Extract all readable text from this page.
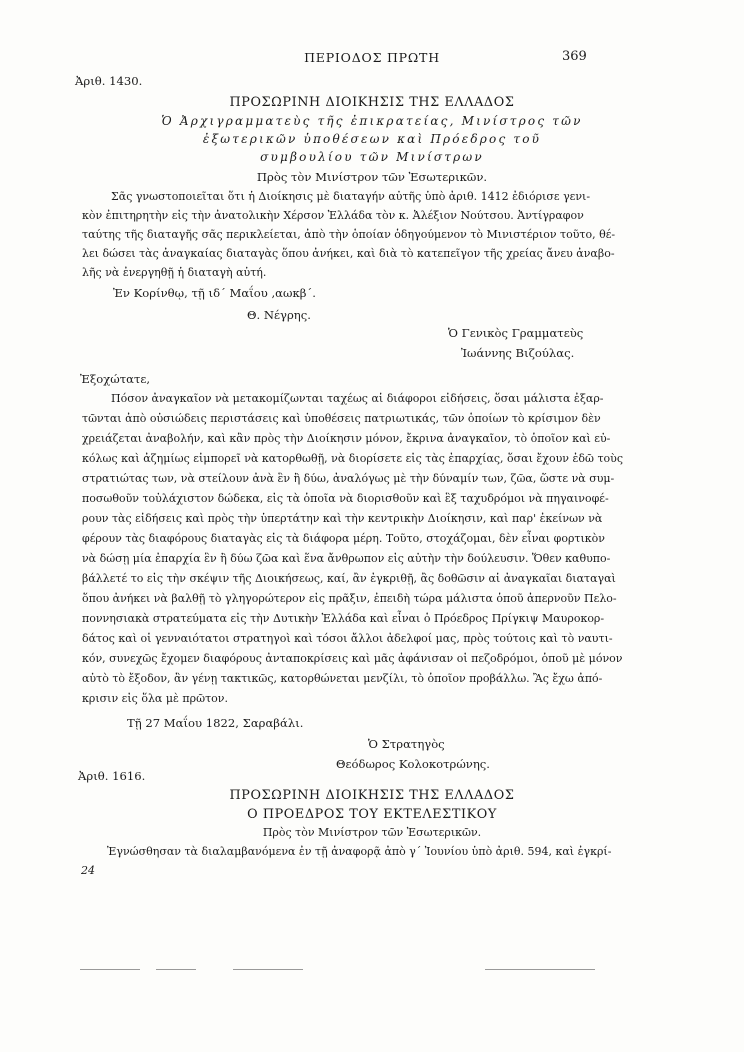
ΠΕΡΙΟΔΟΣ ΠΡΩΤΗ	369
Ἀριθ. 1430.
ΠΡΟΣΩΡΙΝΗ ΔΙΟΙΚΗΣΙΣ ΤΗΣ ΕΛΛΑΔΟΣ
Ὁ Ἀρχιγραμματεὺς τῆς ἐπικρατείας, Μινίστρος τῶν
ἐξωτερικῶν ὑποθέσεων καὶ Πρόεδρος τοῦ
συμβουλίου τῶν Μινίστρων
Πρὸς τὸν Μινίστρον τῶν Ἐσωτερικῶν.
Σᾶς γνωστοποιεῖται ὅτι ἡ Διοίκησις μὲ διαταγήν αὐτῆς ὑπὸ ἀριθ. 1412 ἐδιόρισε γενι-
κὸν ἐπιτηρητὴν εἰς τὴν ἀνατολικὴν Χέρσον Ἑλλάδα τὸν κ. Ἀλέξιον Νούτσου. Ἀντίγραφον
ταύτης τῆς διαταγῆς σᾶς περικλείεται, ἀπὸ τὴν ὁποίαν ὁδηγούμενον τὸ Μινιστέριον τοῦτο, θέ-
λει δώσει τὰς ἀναγκαίας διαταγὰς ὅπου ἀνήκει, καὶ διὰ τὸ κατεπεῖγον τῆς χρείας ἄνευ ἀναβο-
λῆς νὰ ἐνεργηθῇ ἡ διαταγὴ αὐτή.
Ἐν Κορίνθῳ, τῇ ιδ΄ Μαΐου ,αωκβ΄.
Θ. Νέγρης.
Ὁ Γενικὸς Γραμματεὺς
Ἰωάννης Βιζούλας.
Ἐξοχώτατε,
Πόσον ἀναγκαῖον νὰ μετακομίζωνται ταχέως αἱ διάφοροι εἰδήσεις, ὅσαι μάλιστα ἐξαρ-
τῶνται ἀπὸ οὐσιώδεις περιστάσεις καὶ ὑποθέσεις πατριωτικάς, τῶν ὁποίων τὸ κρίσιμον δὲν
χρειάζεται ἀναβολήν, καὶ κἂν πρὸς τὴν Διοίκησιν μόνον, ἔκρινα ἀναγκαῖον, τὸ ὁποῖον καὶ εὐ-
κόλως καὶ ἀζημίως εἰμπορεῖ νὰ κατορθωθῇ, νὰ διορίσετε εἰς τὰς ἐπαρχίας, ὅσαι ἔχουν ἐδῶ τοὺς
στρατιώτας των, νὰ στείλουν ἀνὰ ἓν ἢ δύω, ἀναλόγως μὲ τὴν δύναμίν των, ζῶα, ὥστε νὰ συμ-
ποσωθοῦν τοὐλάχιστον δώδεκα, εἰς τὰ ὁποῖα νὰ διορισθοῦν καὶ ἓξ ταχυδρόμοι νὰ πηγαινοφέ-
ρουν τὰς εἰδήσεις καὶ πρὸς τὴν ὑπερτάτην καὶ τὴν κεντρικὴν Διοίκησιν, καὶ παρ' ἐκείνων νὰ
φέρουν τὰς διαφόρους διαταγὰς εἰς τὰ διάφορα μέρη. Τοῦτο, στοχάζομαι, δὲν εἶναι φορτικὸν
νὰ δώσῃ μία ἐπαρχία ἓν ἢ δύω ζῶα καὶ ἕνα ἄνθρωπον εἰς αὐτὴν τὴν δούλευσιν. Ὅθεν καθυπο-
βάλλετέ το εἰς τὴν σκέψιν τῆς Διοικήσεως, καί, ἂν ἐγκριθῇ, ἂς δοθῶσιν αἱ ἀναγκαῖαι διαταγαὶ
ὅπου ἀνήκει νὰ βαλθῇ τὸ γληγορώτερον εἰς πρᾶξιν, ἐπειδὴ τώρα μάλιστα ὁποῦ ἀπερνοῦν Πελο-
ποννησιακὰ στρατεύματα εἰς τὴν Δυτικὴν Ἑλλάδα καὶ εἶναι ὁ Πρόεδρος Πρίγκιψ Μαυροκορ-
δάτος καὶ οἱ γενναιότατοι στρατηγοὶ καὶ τόσοι ἄλλοι ἀδελφοί μας, πρὸς τούτοις καὶ τὸ ναυτι-
κόν, συνεχῶς ἔχομεν διαφόρους ἀνταποκρίσεις καὶ μᾶς ἀφάνισαν οἱ πεζοδρόμοι, ὁποῦ μὲ μόνον
αὐτὸ τὸ ἔξοδον, ἂν γένῃ τακτικῶς, κατορθώνεται μενζίλι, τὸ ὁποῖον προβάλλω. Ἂς ἔχω ἀπό-
κρισιν εἰς ὅλα μὲ πρῶτον.
Τῇ 27 Μαΐου 1822, Σαραβάλι.
Ὁ Στρατηγὸς
Θεόδωρος Κολοκοτρώνης.
Ἀριθ. 1616.
ΠΡΟΣΩΡΙΝΗ ΔΙΟΙΚΗΣΙΣ ΤΗΣ ΕΛΛΑΔΟΣ
Ο ΠΡΟΕΔΡΟΣ ΤΟΥ ΕΚΤΕΛΕΣΤΙΚΟΥ
Πρὸς τὸν Μινίστρον τῶν Ἐσωτερικῶν.
Ἐγνώσθησαν τὰ διαλαμβανόμενα ἐν τῇ ἀναφορᾷ ἀπὸ γ΄ Ἰουνίου ὑπὸ ἀριθ. 594, καὶ ἐγκρί-
24
